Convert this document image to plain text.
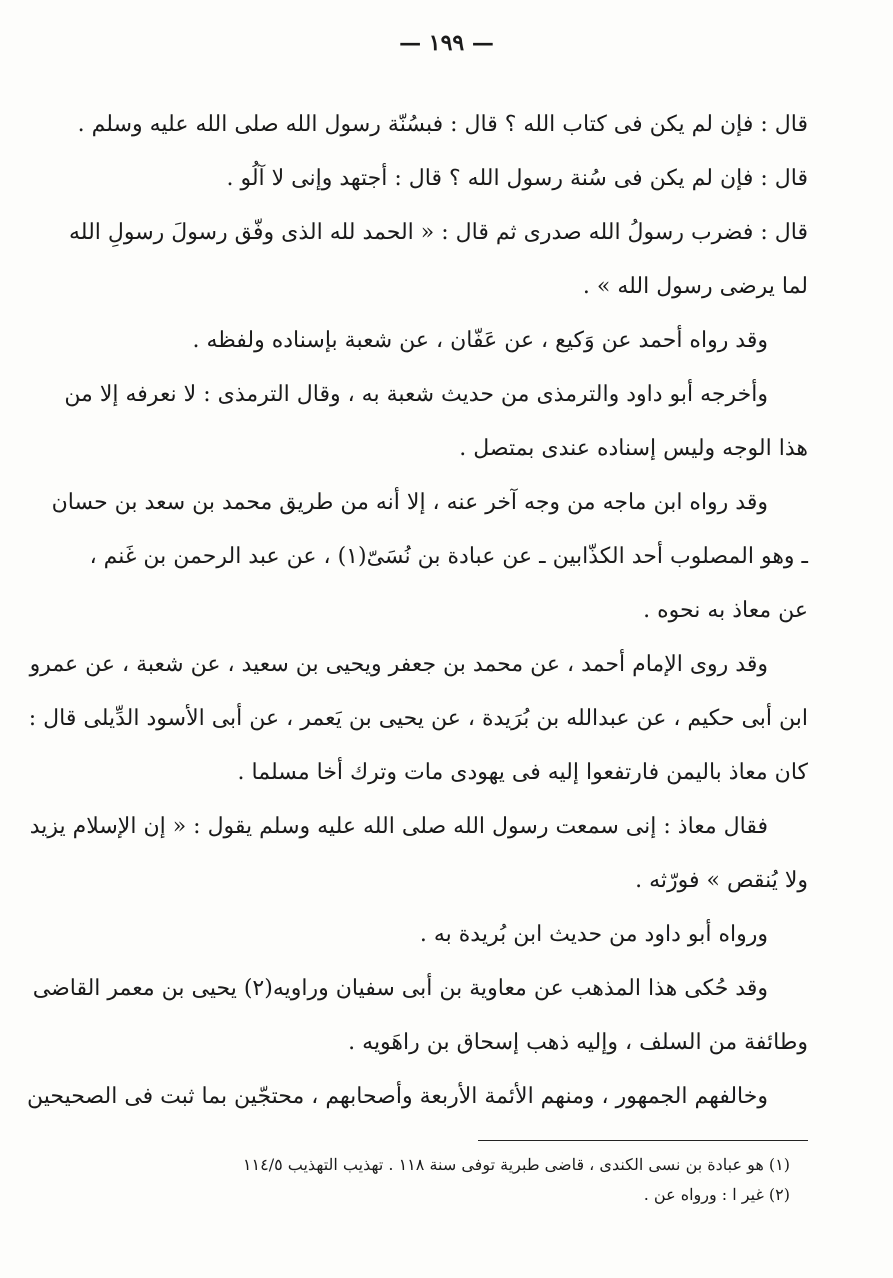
— ١٩٩ —
قال : فإن لم يكن فى كتاب الله ؟ قال : فبسُنّة رسول الله صلى الله عليه وسلم .
قال : فإن لم يكن فى سُنة رسول الله ؟ قال : أجتهد وإنى لا آلُو .
قال : فضرب رسولُ الله صدرى ثم قال : « الحمد لله الذى وفّق رسولَ رسولِ الله
لما يرضى رسول الله » .
وقد رواه أحمد عن وَكيع ، عن عَفّان ، عن شعبة بإسناده ولفظه .
وأخرجه أبو داود والترمذى من حديث شعبة به ، وقال الترمذى : لا نعرفه إلا من
هذا الوجه وليس إسناده عندى بمتصل .
وقد رواه ابن ماجه من وجه آخر عنه ، إلا أنه من طريق محمد بن سعد بن حسان
ـ وهو المصلوب أحد الكذّابين ـ عن عبادة بن نُسَىّ(١) ، عن عبد الرحمن بن غَنم ،
عن معاذ به نحوه .
وقد روى الإمام أحمد ، عن محمد بن جعفر ويحيى بن سعيد ، عن شعبة ، عن عمرو
ابن أبى حكيم ، عن عبدالله بن بُرَيدة ، عن يحيى بن يَعمر ، عن أبى الأسود الدِّيلى قال :
كان معاذ باليمن فارتفعوا إليه فى يهودى مات وترك أخا مسلما .
فقال معاذ : إنى سمعت رسول الله صلى الله عليه وسلم يقول : « إن الإسلام يزيد
ولا يُنقص » فورّثه .
ورواه أبو داود من حديث ابن بُريدة به .
وقد حُكى هذا المذهب عن معاوية بن أبى سفيان وراويه(٢) يحيى بن معمر القاضى
وطائفة من السلف ، وإليه ذهب إسحاق بن راهَويه .
وخالفهم الجمهور ، ومنهم الأئمة الأربعة وأصحابهم ، محتجّين بما ثبت فى الصحيحين
(١) هو عبادة بن نسى الكندى ، قاضى طبرية توفى سنة ١١٨ . تهذيب التهذيب ١١٤/٥
(٢) غير ا : ورواه عن .
